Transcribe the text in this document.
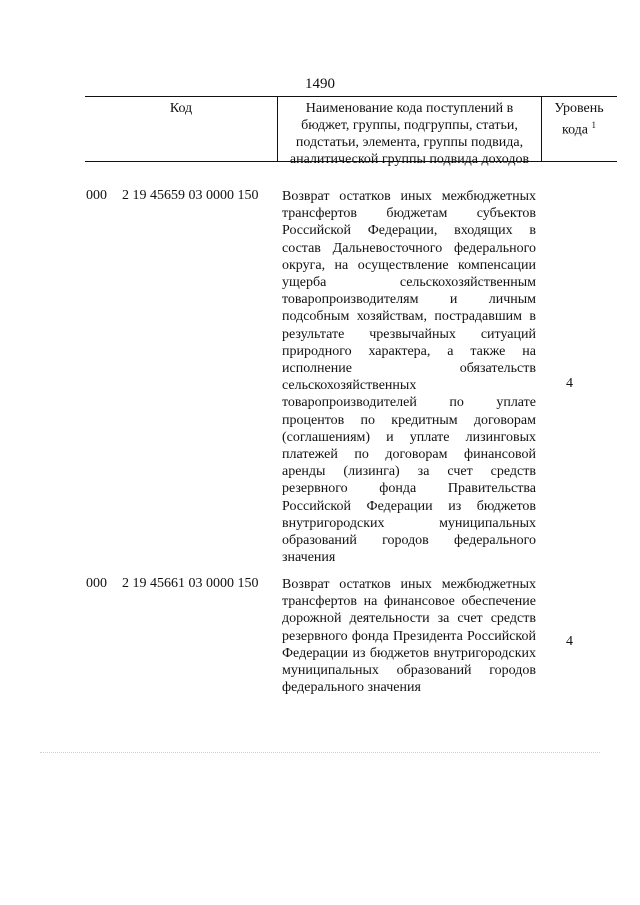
1490
Код	Наименование кода поступлений в
бюджет, группы, подгруппы, статьи,
подстатьи, элемента, группы подвида,
аналитической группы подвида доходов
Уровень
кода $^1$
000 2 19 45659 03 0000 150 Возврат остатков иных межбюджетных трансфертов бюджетам субъектов Российской Федерации, входящих в состав Дальневосточного федерального округа, на осуществление компенсации ущерба сельскохозяйственным товаропроизводителям и личным подсобным хозяйствам, пострадавшим в результате чрезвычайных ситуаций природного характера, а также на исполнение обязательств сельскохозяйственных товаропроизводителей по уплате процентов по кредитным договорам (соглашениям) и уплате лизинговых платежей по договорам финансовой аренды (лизинга) за счет средств резервного фонда Правительства Российской Федерации из бюджетов внутригородских муниципальных образований городов федерального значения
4
000 2 19 45661 03 0000 150 Возврат остатков иных межбюджетных трансфертов на финансовое обеспечение дорожной деятельности за счет средств резервного фонда Президента Российской Федерации из бюджетов внутригородских муниципальных образований городов федерального значения
4
